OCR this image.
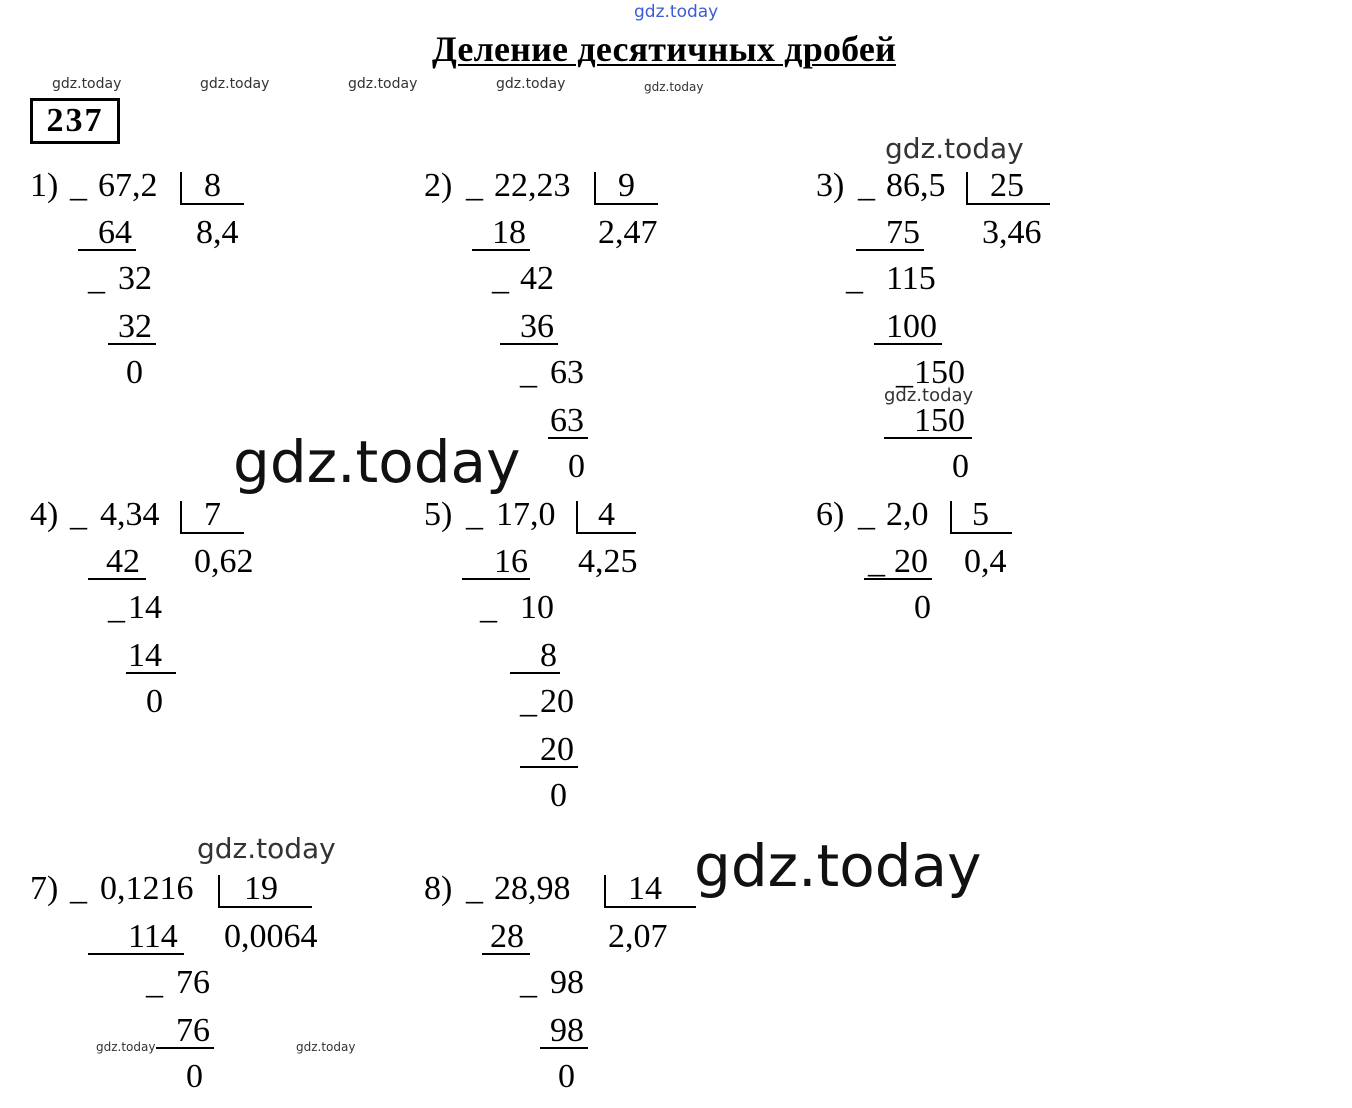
gdz.today
gdz.today	gdz.today	gdz.today	gdz.today	gdz.today
gdz.today
gdz.today
gdz.today
gdz.today	gdz.today
gdz.today	gdz.today
Деление десятичных дробей
237
1) _ 67,2 8
8,4
64
_ 32
32
0
2) _ 22,23 9
2,47
18
_ 42
36
_ 63
63
0
3) _ 86,5 25
3,46
75
_ 115
100
_ 150
150
0
4) _ 4,34 7
0,62
42
_ 14
14
0
5) _ 17,0 4
4,25
16
_ 10
8
_ 20
20
0
6) _ 2,0 5
0,4
_ 20
0
7) _ 0,1216 19
0,0064
114
_ 76
76
0
8) _ 28,98 14
2,07
28
_ 98
98
0
